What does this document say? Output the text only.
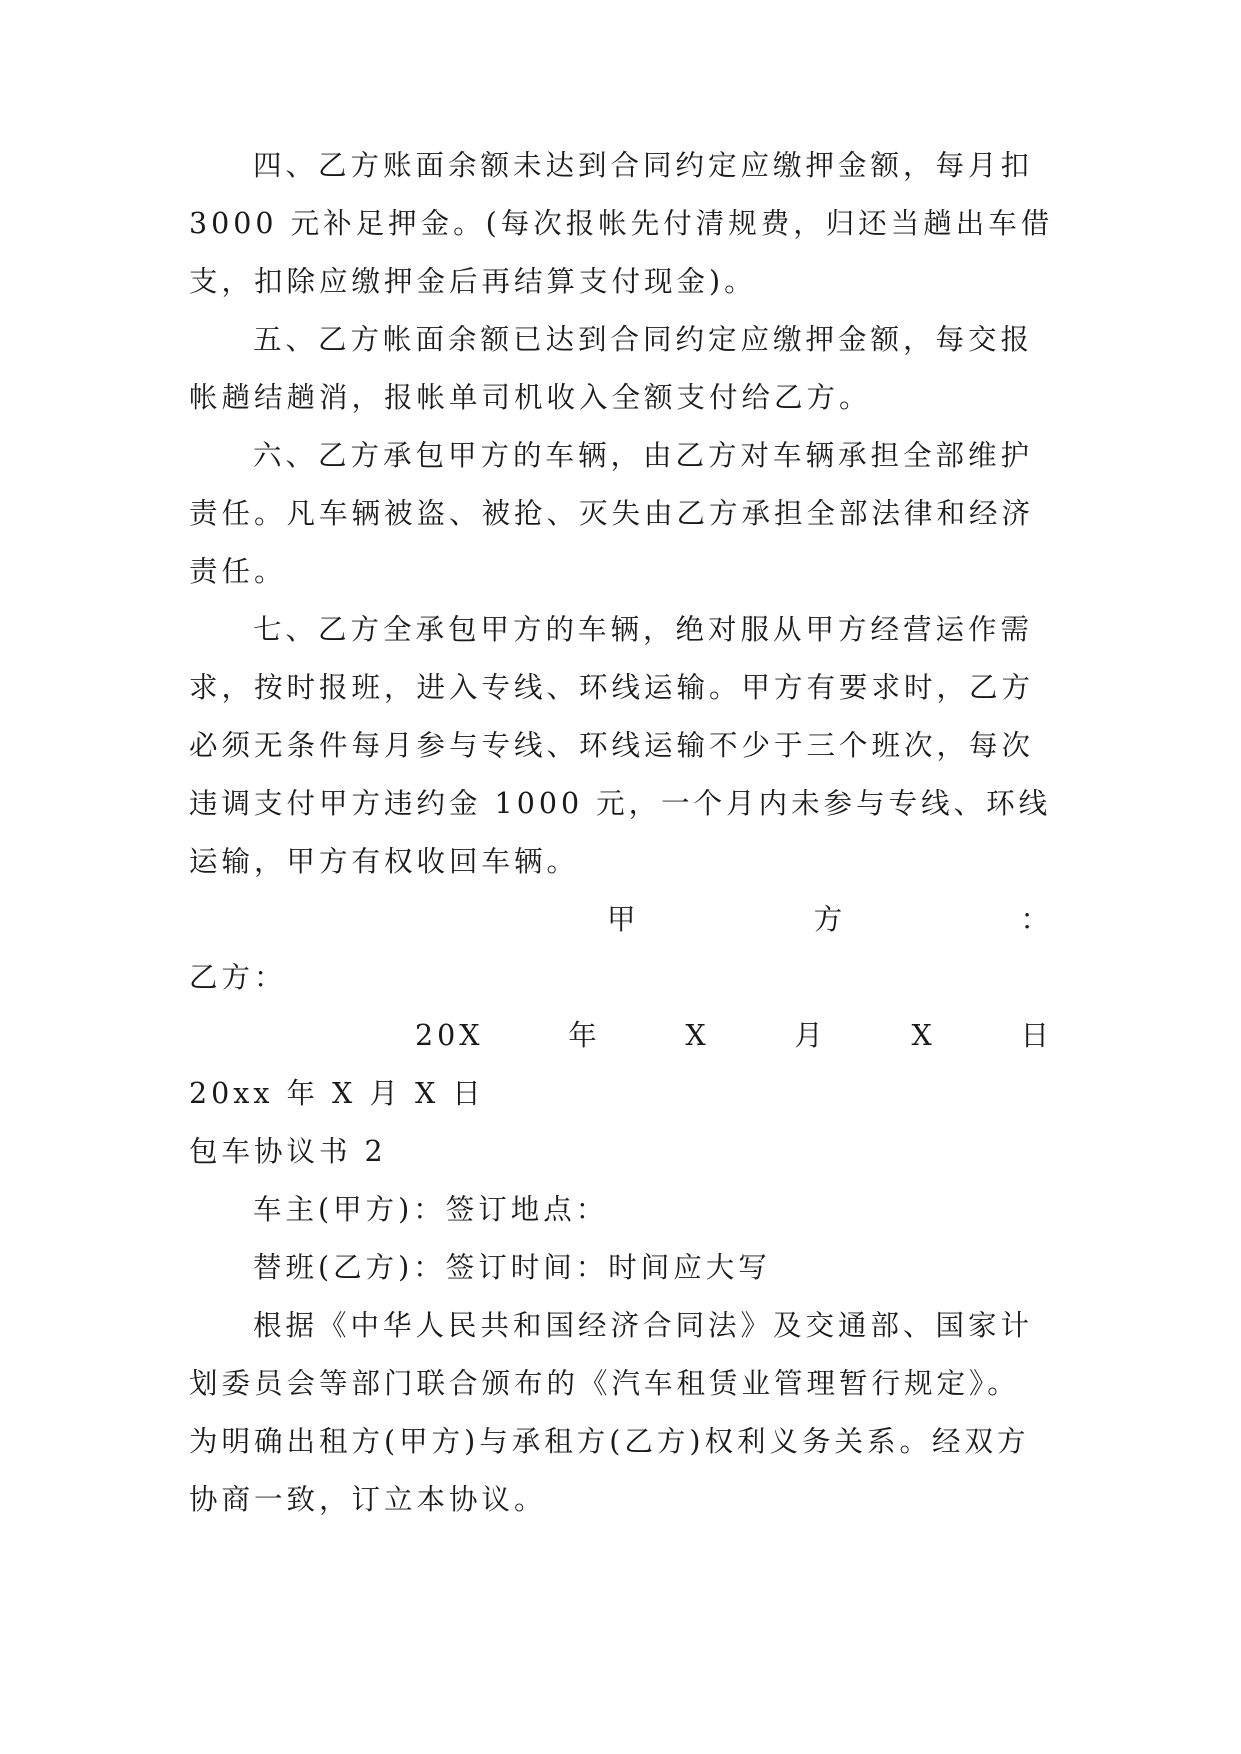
四、乙方账面余额未达到合同约定应缴押金额，每月扣
3000 元补足押金。(每次报帐先付清规费，归还当趟出车借
支，扣除应缴押金后再结算支付现金)。
五、乙方帐面余额已达到合同约定应缴押金额，每交报
帐趟结趟消，报帐单司机收入全额支付给乙方。
六、乙方承包甲方的车辆，由乙方对车辆承担全部维护
责任。凡车辆被盗、被抢、灭失由乙方承担全部法律和经济
责任。
七、乙方全承包甲方的车辆，绝对服从甲方经营运作需
求，按时报班，进入专线、环线运输。甲方有要求时，乙方
必须无条件每月参与专线、环线运输不少于三个班次，每次
违调支付甲方违约金 1000 元，一个月内未参与专线、环线
运输，甲方有权收回车辆。
甲	方	：
乙方：
20X	年	X	月	X	日
20xx 年 X 月 X 日
包车协议书 2
车主(甲方)：签订地点：
替班(乙方)：签订时间：时间应大写
根据《中华人民共和国经济合同法》及交通部、国家计
划委员会等部门联合颁布的《汽车租赁业管理暂行规定》。
为明确出租方(甲方)与承租方(乙方)权利义务关系。经双方
协商一致，订立本协议。
